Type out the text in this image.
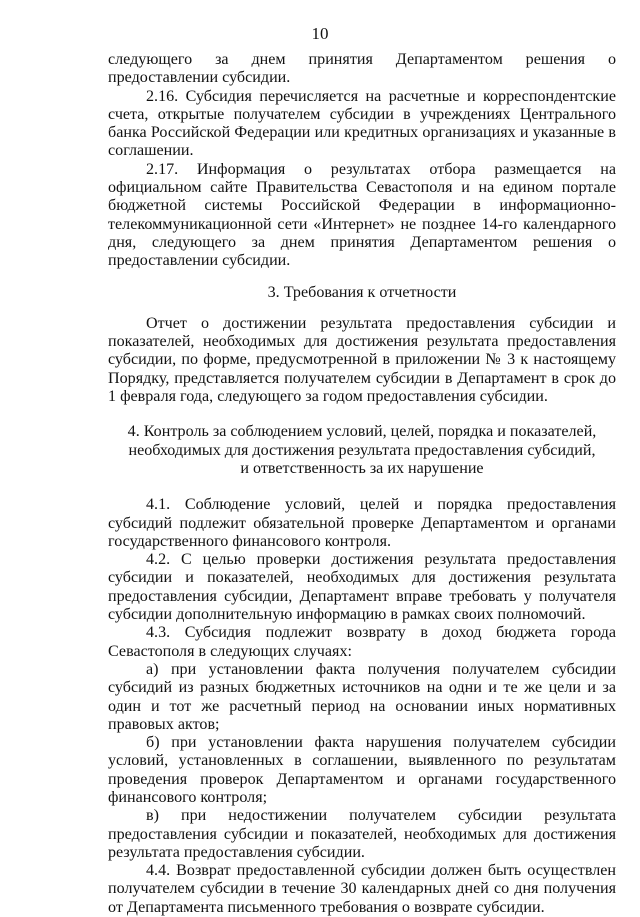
10

следующего за днем принятия Департаментом решения о предоставлении субсидии.

2.16. Субсидия перечисляется на расчетные и корреспондентские счета, открытые получателем субсидии в учреждениях Центрального банка Российской Федерации или кредитных организациях и указанные в соглашении.

2.17. Информация о результатах отбора размещается на официальном сайте Правительства Севастополя и на едином портале бюджетной системы Российской Федерации в информационно-телекоммуникационной сети «Интернет» не позднее 14-го календарного дня, следующего за днем принятия Департаментом решения о предоставлении субсидии.

3. Требования к отчетности

Отчет о достижении результата предоставления субсидии и показателей, необходимых для достижения результата предоставления субсидии, по форме, предусмотренной в приложении № 3 к настоящему Порядку, представляется получателем субсидии в Департамент в срок до 1 февраля года, следующего за годом предоставления субсидии.

4. Контроль за соблюдением условий, целей, порядка и показателей,

необходимых для достижения результата предоставления субсидий,

и ответственность за их нарушение

4.1. Соблюдение условий, целей и порядка предоставления субсидий подлежит обязательной проверке Департаментом и органами государственного финансового контроля.

4.2. С целью проверки достижения результата предоставления субсидии и показателей, необходимых для достижения результата предоставления субсидии, Департамент вправе требовать у получателя субсидии дополнительную информацию в рамках своих полномочий.

4.3. Субсидия подлежит возврату в доход бюджета города Севастополя в следующих случаях:

а) при установлении факта получения получателем субсидии субсидий из разных бюджетных источников на одни и те же цели и за один и тот же расчетный период на основании иных нормативных правовых актов;

б) при установлении факта нарушения получателем субсидии условий, установленных в соглашении, выявленного по результатам проведения проверок Департаментом и органами государственного финансового контроля;

в) при недостижении получателем субсидии результата предоставления субсидии и показателей, необходимых для достижения результата предоставления субсидии.

4.4. Возврат предоставленной субсидии должен быть осуществлен получателем субсидии в течение 30 календарных дней со дня получения от Департамента письменного требования о возврате субсидии.
